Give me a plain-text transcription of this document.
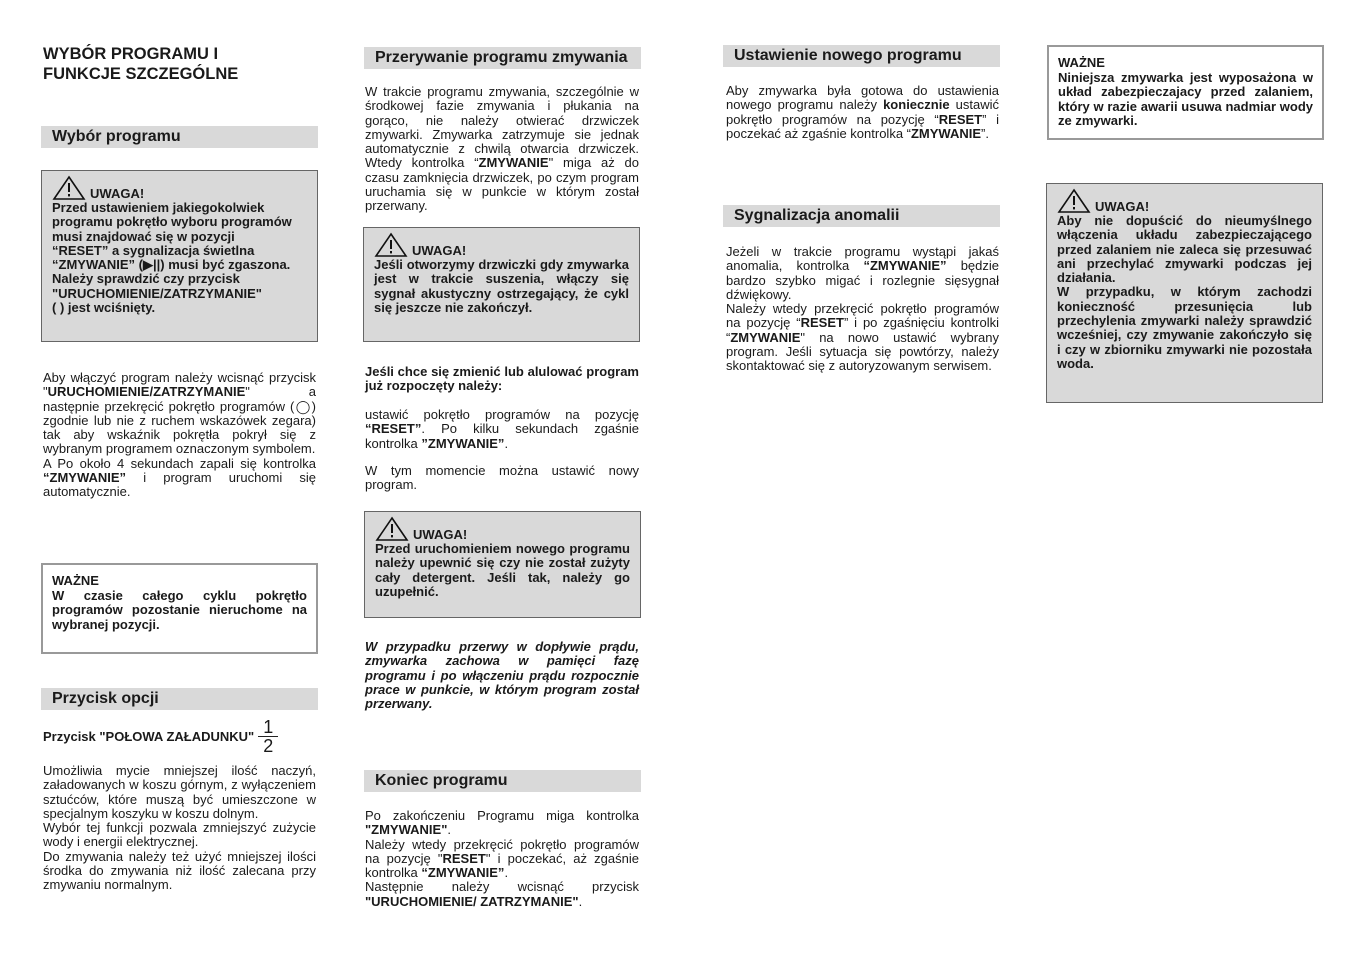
WYBÓR PROGRAMU I
FUNKCJE SZCZEGÓLNE
Wybór programu
UWAGA!
Przed ustawieniem jakiegokolwiek
programu pokrętło wyboru programów
musi znajdować się w pozycji
“RESET” a sygnalizacja świetlna
“ZMYWANIE” (▶||) musi być zgaszona.
Należy sprawdzić czy przycisk
"URUCHOMIENIE/ZATRZYMANIE"
( ) jest wciśnięty.

Aby włączyć program należy wcisnąć przycisk "URUCHOMIENIE/ZATRZYMANIE" a następnie przekręcić pokrętło programów (◯) zgodnie lub nie z ruchem wskazówek zegara) tak aby wskaźnik pokrętła pokrył się z wybranym programem oznaczonym symbolem.

A Po około 4 sekundach zapali się kontrolka “ZMYWANIE” i program uruchomi się automatycznie.

WAŻNE
W czasie całego cyklu pokrętło programów pozostanie nieruchome na wybranej pozycji.
Przycisk opcji
Przycisk "POŁOWA ZAŁADUNKU" $\frac{1}{2}$

Umożliwia mycie mniejszej ilość naczyń, załadowanych w koszu górnym, z wyłączeniem sztućców, które muszą być umieszczone w specjalnym koszyku w koszu dolnym.

Wybór tej funkcji pozwala zmniejszyć zużycie wody i energii elektrycznej.

Do zmywania należy też użyć mniejszej ilości środka do zmywania niż ilość zalecana przy zmywaniu normalnym.

Przerywanie programu zmywania

W trakcie programu zmywania, szczególnie w środkowej fazie zmywania i płukania na gorąco, nie należy otwierać drzwiczek zmywarki. Zmywarka zatrzymuje sie jednak automatycznie z chwilą otwarcia drzwiczek. Wtedy kontrolka “ZMYWANIE" miga aż do czasu zamknięcia drzwiczek, po czym program uruchamia się w punkcie w którym został przerwany.

UWAGA!
Jeśli otworzymy drzwiczki gdy zmywarka jest w trakcie suszenia, włączy się sygnał akustyczny ostrzegający, że cykl się jeszcze nie zakończył.
Jeśli chce się zmienić lub alulować program już rozpoczęty należy:

ustawić pokrętło programów na pozycję “RESET”. Po kilku sekundach zgaśnie kontrolka ”ZMYWANIE”.

W tym momencie można ustawić nowy program.
UWAGA!
Przed uruchomieniem nowego programu należy upewnić się czy nie został zużyty cały detergent. Jeśli tak, należy go uzupełnić.
W przypadku przerwy w dopływie prądu, zmywarka zachowa w pamięci fazę programu i po włączeniu prądu rozpocznie prace w punkcie, w którym program został przerwany.
Koniec programu

Po zakończeniu Programu miga kontrolka "ZMYWANIE".

Należy wtedy przekręcić pokrętło programów na pozycję "RESET" i poczekać, aż zgaśnie kontrolka “ZMYWANIE”.

Następnie należy wcisnąć przycisk "URUCHOMIENIE/ ZATRZYMANIE".

Ustawienie nowego programu

Aby zmywarka była gotowa do ustawienia nowego programu należy koniecznie ustawić pokrętło programów na pozycję “RESET” i poczekać aż zgaśnie kontrolka “ZMYWANIE”.

Sygnalizacja anomalii

Jeżeli w trakcie programu wystąpi jakaś anomalia, kontrolka “ZMYWANIE” będzie bardzo szybko migać i rozlegnie sięsygnał dźwiękowy.

Należy wtedy przekręcić pokrętło programów na pozycję “RESET” i po zgaśnięciu kontrolki “ZMYWANIE" na nowo ustawić wybrany program. Jeśli sytuacja się powtórzy, należy skontaktować się z autoryzowanym serwisem.

WAŻNE
Niniejsza zmywarka jest wyposażona w układ zabezpieczajacy przed zalaniem, który w razie awarii usuwa nadmiar wody ze zmywarki.
UWAGA!
Aby nie dopuścić do nieumyślnego włączenia układu zabezpieczającego przed zalaniem nie zaleca się przesuwać ani przechylać zmywarki podczas jej działania.
W przypadku, w którym zachodzi konieczność przesunięcia lub przechylenia zmywarki należy sprawdzić wcześniej, czy zmywanie zakończyło się i czy w zbiorniku zmywarki nie pozostała woda.
